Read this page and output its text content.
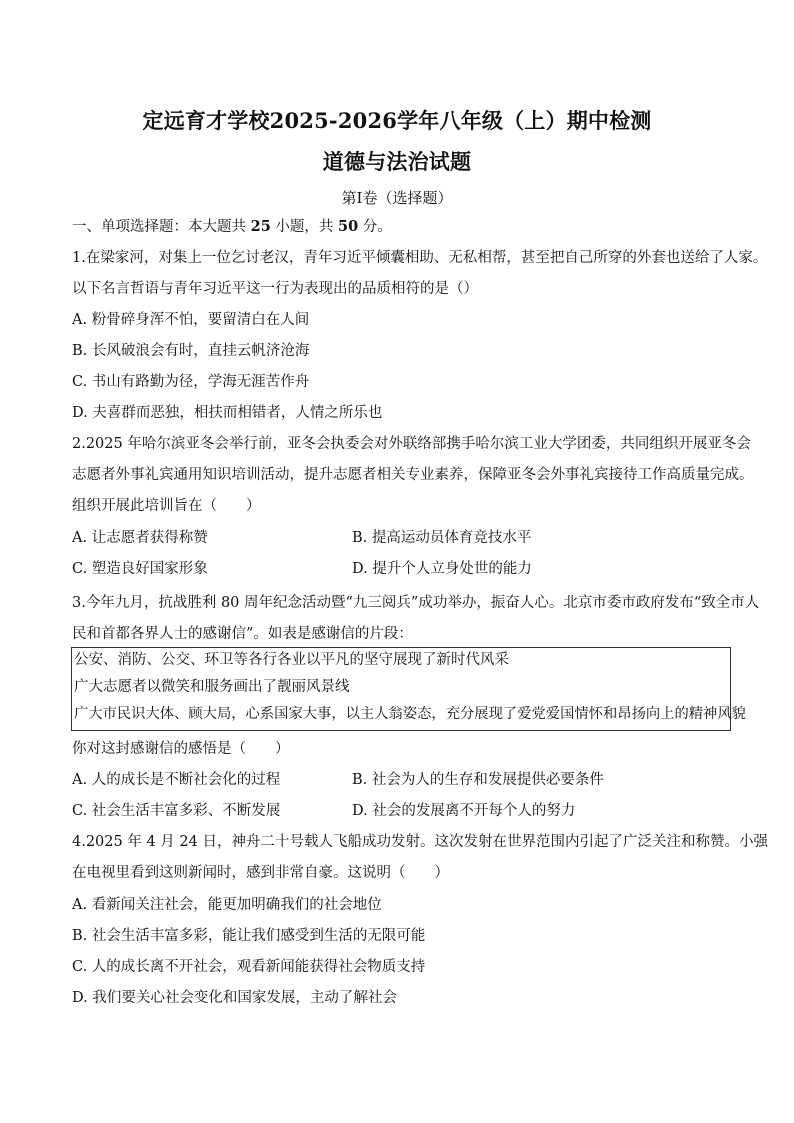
定远育才学校2025-2026学年八年级（上）期中检测
道德与法治试题
第Ⅰ卷（选择题）
一、单项选择题：本大题共 25 小题，共 50 分。
1.在梁家河，对集上一位乞讨老汉，青年习近平倾囊相助、无私相帮，甚至把自己所穿的外套也送给了人家。
以下名言哲语与青年习近平这一行为表现出的品质相符的是（）
A. 粉骨碎身浑不怕，要留清白在人间
B. 长风破浪会有时，直挂云帆济沧海
C. 书山有路勤为径，学海无涯苦作舟
D. 夫喜群而恶独，相扶而相错者，人情之所乐也
2.2025 年哈尔滨亚冬会举行前，亚冬会执委会对外联络部携手哈尔滨工业大学团委，共同组织开展亚冬会
志愿者外事礼宾通用知识培训活动，提升志愿者相关专业素养，保障亚冬会外事礼宾接待工作高质量完成。
组织开展此培训旨在（　　）
A. 让志愿者获得称赞	B. 提高运动员体育竞技水平
C. 塑造良好国家形象	D. 提升个人立身处世的能力
3.今年九月，抗战胜利 80 周年纪念活动暨“九三阅兵”成功举办，振奋人心。北京市委市政府发布“致全市人
民和首都各界人士的感谢信”。如表是感谢信的片段：
公安、消防、公交、环卫等各行各业以平凡的坚守展现了新时代风采
广大志愿者以微笑和服务画出了靓丽风景线
广大市民识大体、顾大局，心系国家大事，以主人翁姿态，充分展现了爱党爱国情怀和昂扬向上的精神风貌
你对这封感谢信的感悟是（　　）
A. 人的成长是不断社会化的过程	B. 社会为人的生存和发展提供必要条件
C. 社会生活丰富多彩、不断发展	D. 社会的发展离不开每个人的努力
4.2025 年 4 月 24 日，神舟二十号载人飞船成功发射。这次发射在世界范围内引起了广泛关注和称赞。小强
在电视里看到这则新闻时，感到非常自豪。这说明（　　）
A. 看新闻关注社会，能更加明确我们的社会地位
B. 社会生活丰富多彩，能让我们感受到生活的无限可能
C. 人的成长离不开社会，观看新闻能获得社会物质支持
D. 我们要关心社会变化和国家发展，主动了解社会
